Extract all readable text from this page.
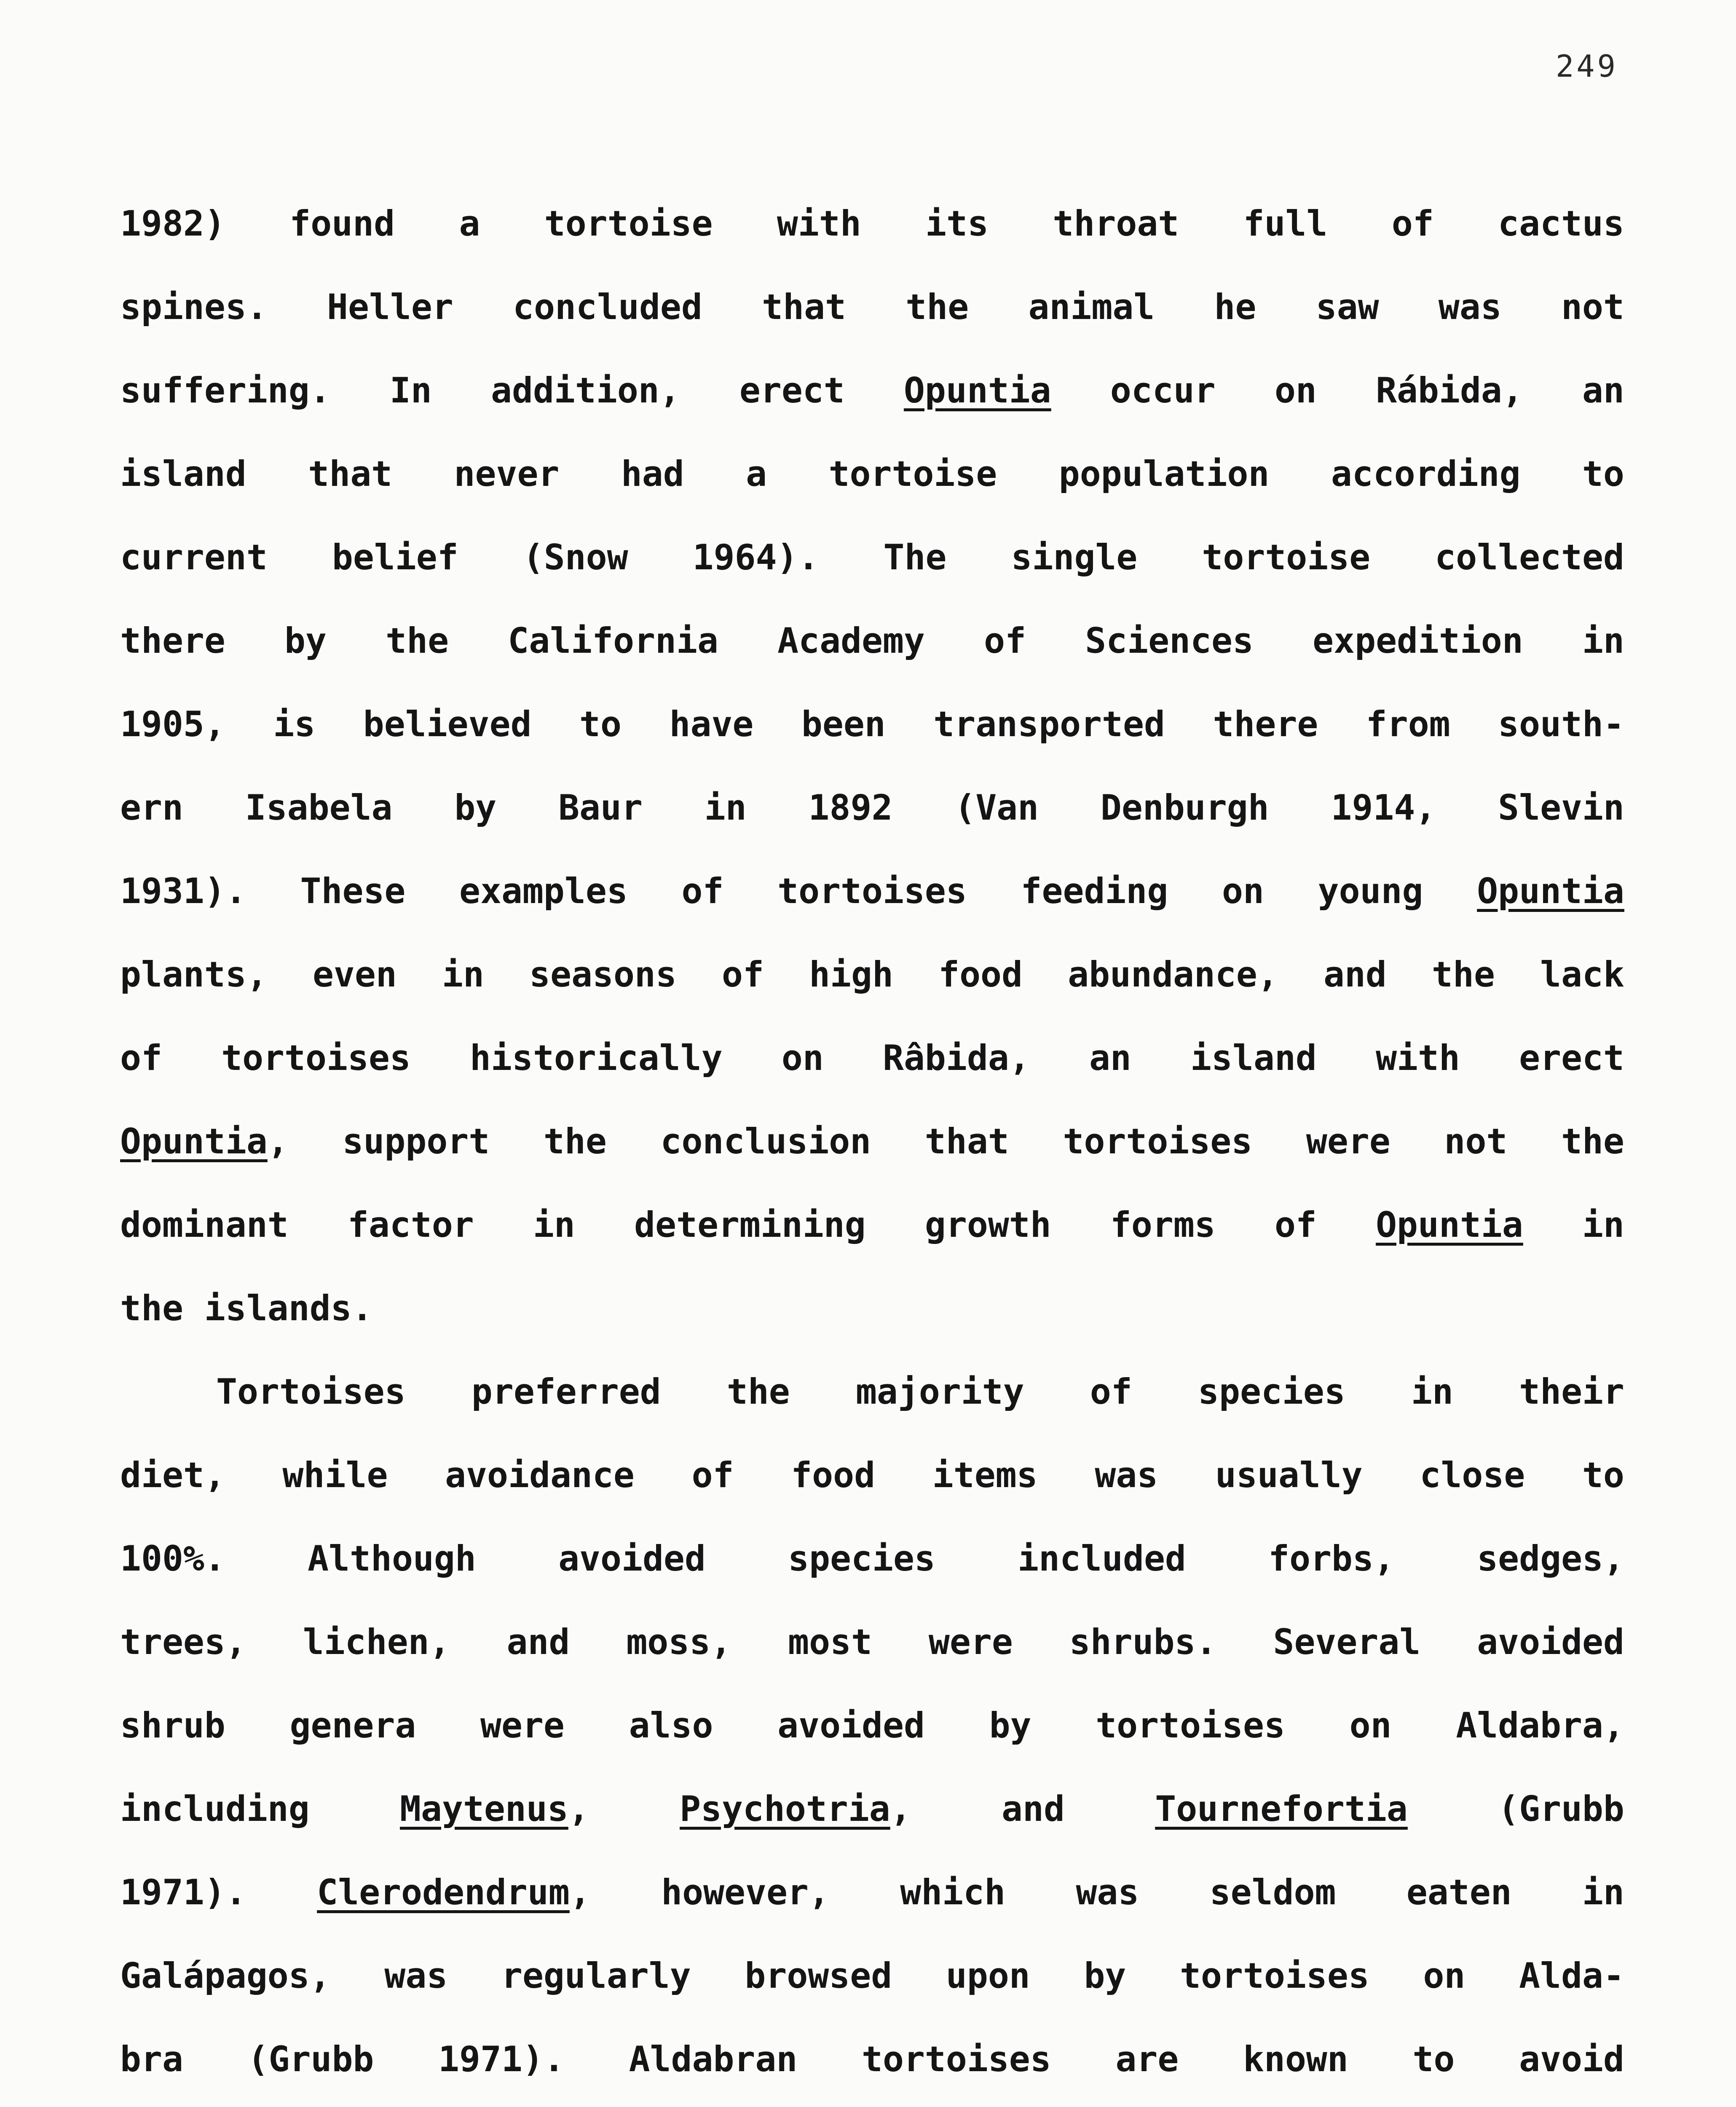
249
1982) found a tortoise with its throat full of cactus
spines. Heller concluded that the animal he saw was not
suffering. In addition, erect Opuntia occur on Rábida, an
island that never had a tortoise population according to
current belief (Snow 1964). The single tortoise collected
there by the California Academy of Sciences expedition in
1905, is believed to have been transported there from south-
ern Isabela by Baur in 1892 (Van Denburgh 1914, Slevin
1931). These examples of tortoises feeding on young Opuntia
plants, even in seasons of high food abundance, and the lack
of tortoises historically on Râbida, an island with erect
Opuntia, support the conclusion that tortoises were not the
dominant factor in determining growth forms of Opuntia in
the islands.
Tortoises preferred the majority of species in their
diet, while avoidance of food items was usually close to
100%. Although avoided species included forbs, sedges,
trees, lichen, and moss, most were shrubs. Several avoided
shrub genera were also avoided by tortoises on Aldabra,
including Maytenus, Psychotria, and Tournefortia (Grubb
1971). Clerodendrum, however, which was seldom eaten in
Galápagos, was regularly browsed upon by tortoises on Alda-
bra (Grubb 1971). Aldabran tortoises are known to avoid
